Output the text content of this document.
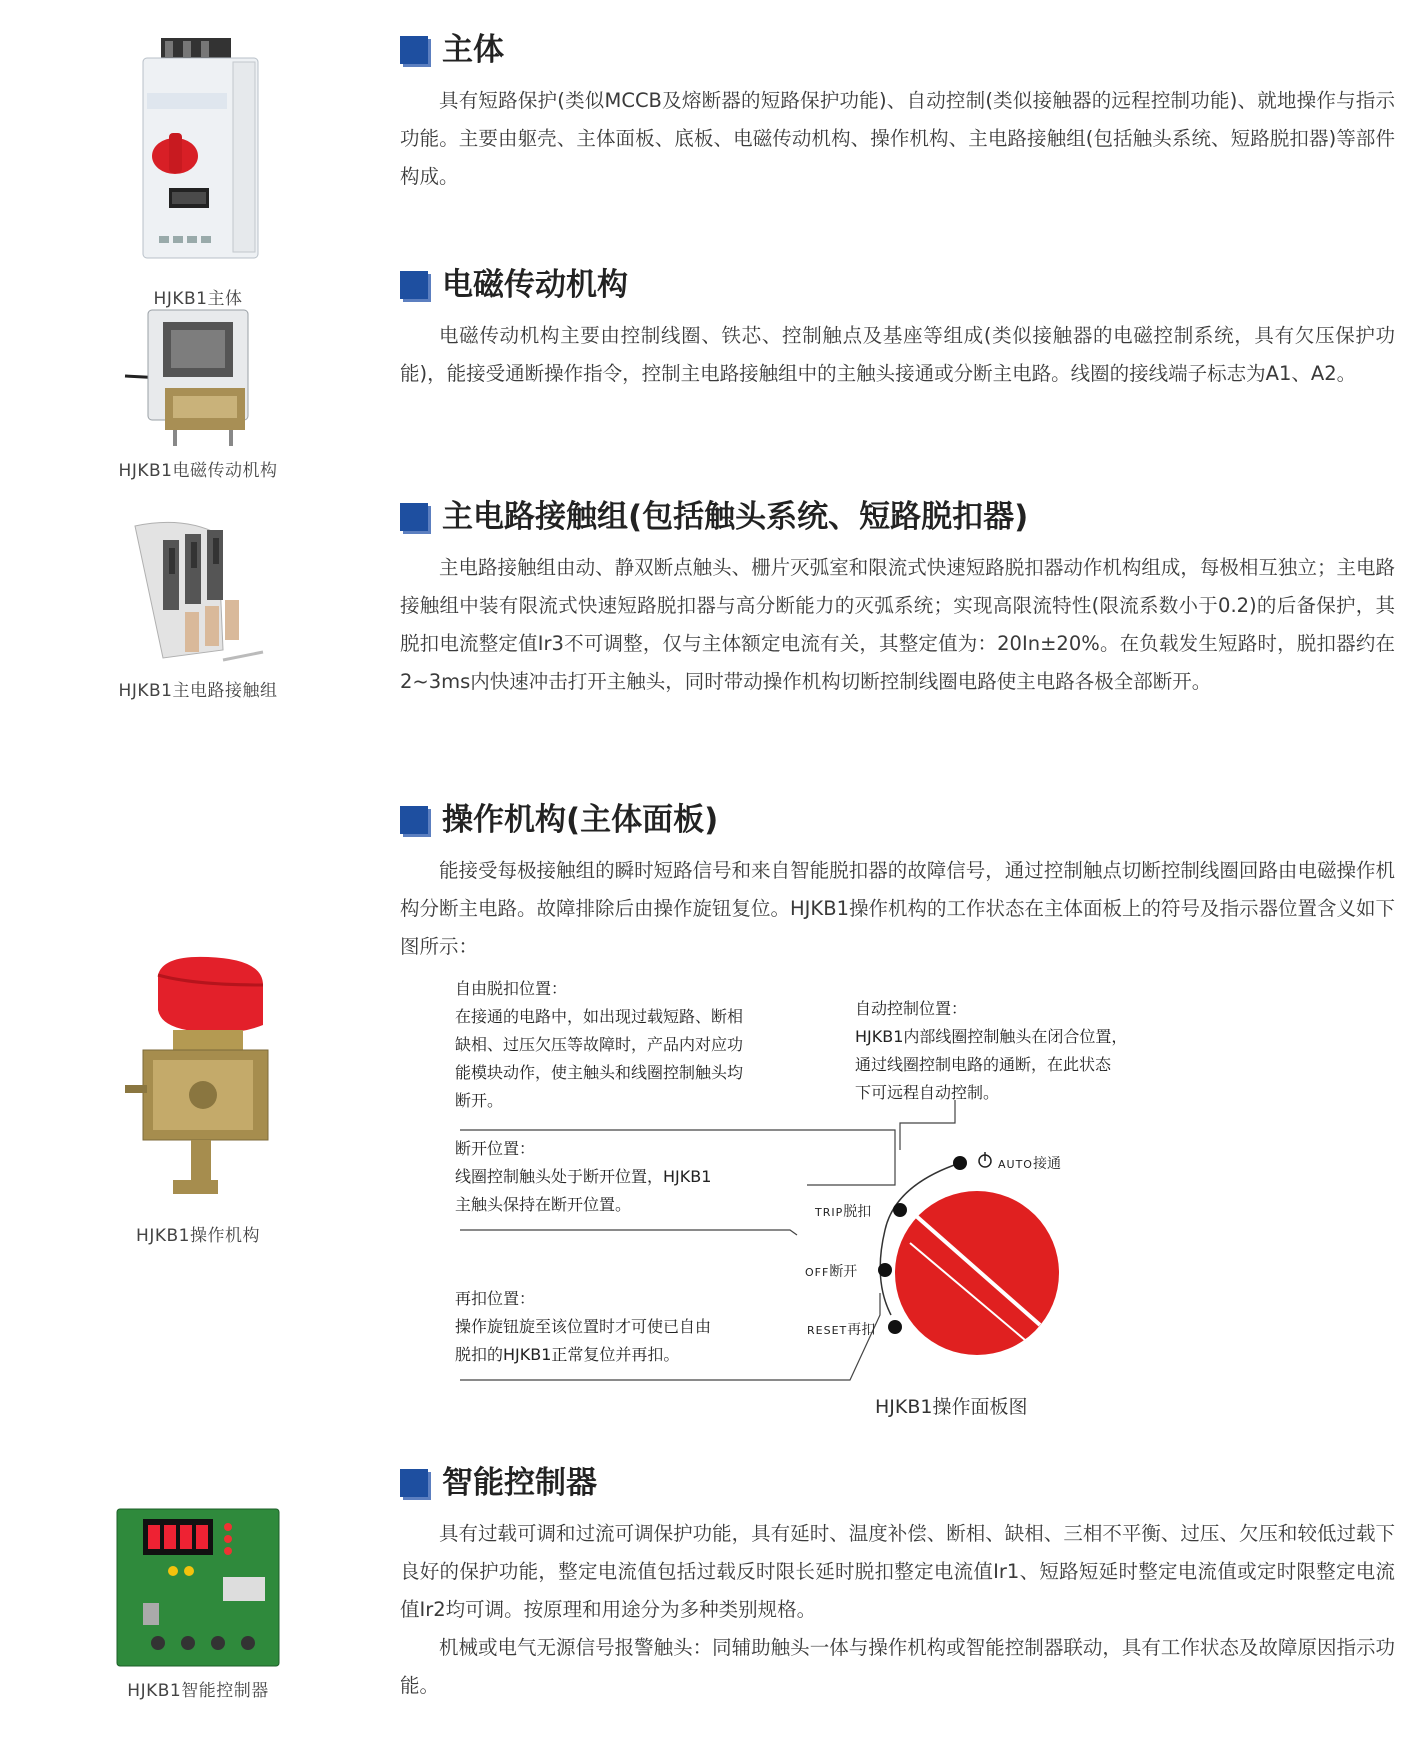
HJKB1主体
HJKB1电磁传动机构
HJKB1主电路接触组
HJKB1操作机构
HJKB1智能控制器
主体

具有短路保护(类似MCCB及熔断器的短路保护功能)、自动控制(类似接触器的远程控制功能)、就地操作与指示功能。主要由躯壳、主体面板、底板、电磁传动机构、操作机构、主电路接触组(包括触头系统、短路脱扣器)等部件构成。

电磁传动机构

电磁传动机构主要由控制线圈、铁芯、控制触点及基座等组成(类似接触器的电磁控制系统，具有欠压保护功能)，能接受通断操作指令，控制主电路接触组中的主触头接通或分断主电路。线圈的接线端子标志为A1、A2。

主电路接触组(包括触头系统、短路脱扣器)

主电路接触组由动、静双断点触头、栅片灭弧室和限流式快速短路脱扣器动作机构组成，每极相互独立；主电路接触组中装有限流式快速短路脱扣器与高分断能力的灭弧系统；实现高限流特性(限流系数小于0.2)的后备保护，其脱扣电流整定值Ir3不可调整，仅与主体额定电流有关，其整定值为：20In±20%。在负载发生短路时，脱扣器约在2~3ms内快速冲击打开主触头，同时带动操作机构切断控制线圈电路使主电路各极全部断开。

操作机构(主体面板)

能接受每极接触组的瞬时短路信号和来自智能脱扣器的故障信号，通过控制触点切断控制线圈回路由电磁操作机构分断主电路。故障排除后由操作旋钮复位。HJKB1操作机构的工作状态在主体面板上的符号及指示器位置含义如下图所示：

自由脱扣位置：
在接通的电路中，如出现过载短路、断相
缺相、过压欠压等故障时，产品内对应功
能模块动作，使主触头和线圈控制触头均
断开。
自动控制位置：
HJKB1内部线圈控制触头在闭合位置，
通过线圈控制电路的通断，在此状态
下可远程自动控制。
断开位置：
线圈控制触头处于断开位置，HJKB1
主触头保持在断开位置。
再扣位置：
操作旋钮旋至该位置时才可使已自由
脱扣的HJKB1正常复位并再扣。
AUTO接通
TRIP脱扣
OFF断开
RESET再扣
HJKB1操作面板图
智能控制器

具有过载可调和过流可调保护功能，具有延时、温度补偿、断相、缺相、三相不平衡、过压、欠压和较低过载下良好的保护功能，整定电流值包括过载反时限长延时脱扣整定电流值Ir1、短路短延时整定电流值或定时限整定电流值Ir2均可调。按原理和用途分为多种类别规格。

机械或电气无源信号报警触头：同辅助触头一体与操作机构或智能控制器联动，具有工作状态及故障原因指示功能。
